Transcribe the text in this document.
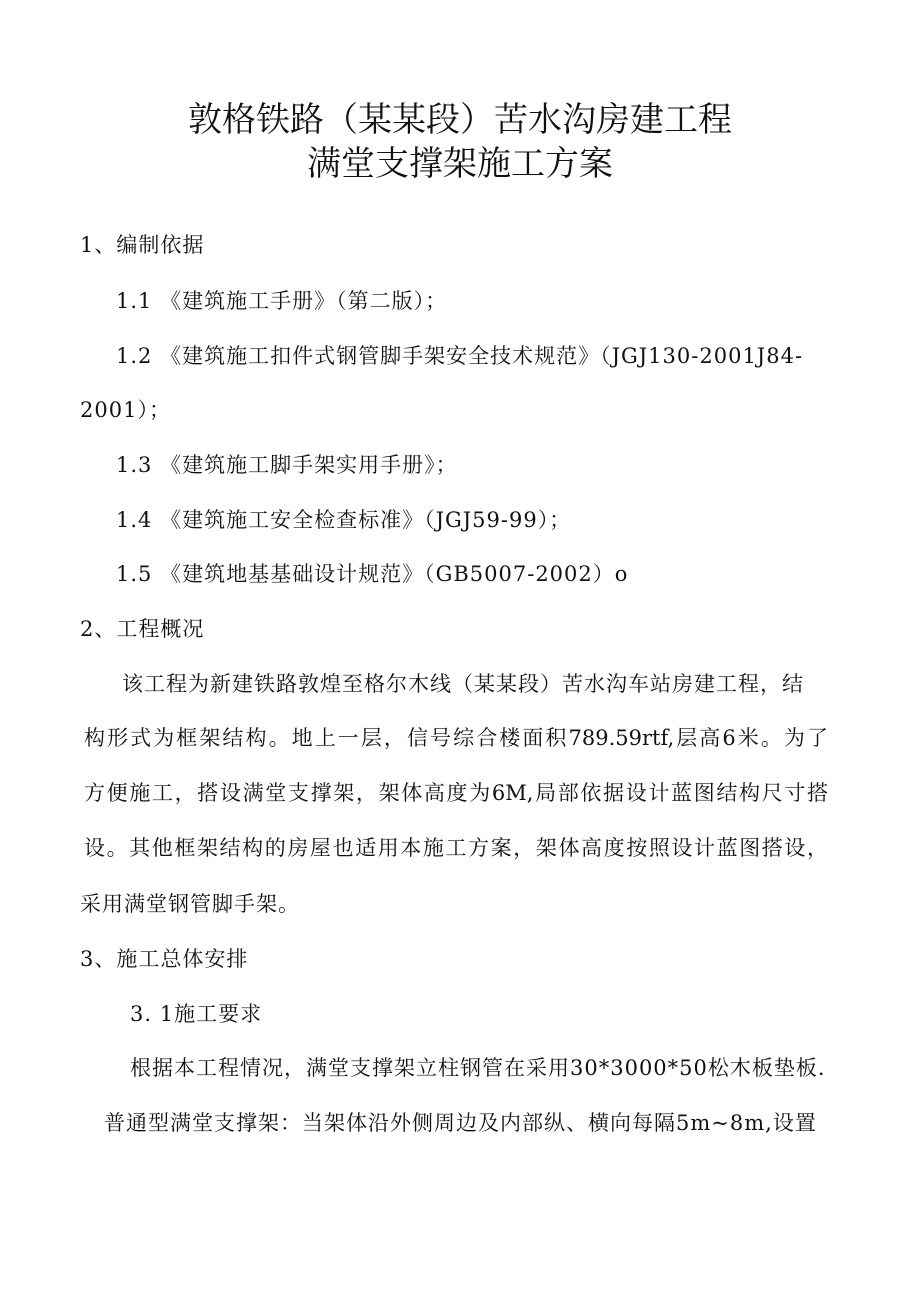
敦格铁路（某某段）苦水沟房建工程
满堂支撑架施工方案
1、编制依据
1.1 《建筑施工手册》（第二版）；
1.2 《建筑施工扣件式钢管脚手架安全技术规范》（JGJ130-2001J84-
2001）；
1.3 《建筑施工脚手架实用手册》；
1.4 《建筑施工安全检查标准》（JGJ59-99）；
1.5 《建筑地基基础设计规范》（GB5007-2002）o
2、工程概况
该工程为新建铁路敦煌至格尔木线（某某段）苦水沟车站房建工程，结
构形式为框架结构。地上一层，信号综合楼面积789.59rtf,层高6米。为了
方便施工，搭设满堂支撑架，架体高度为6M,局部依据设计蓝图结构尺寸搭
设。其他框架结构的房屋也适用本施工方案，架体高度按照设计蓝图搭设，
采用满堂钢管脚手架。
3、施工总体安排
3. 1施工要求
根据本工程情况，满堂支撑架立柱钢管在采用30*3000*50松木板垫板.
普通型满堂支撑架：当架体沿外侧周边及内部纵、横向每隔5m~8m,设置
